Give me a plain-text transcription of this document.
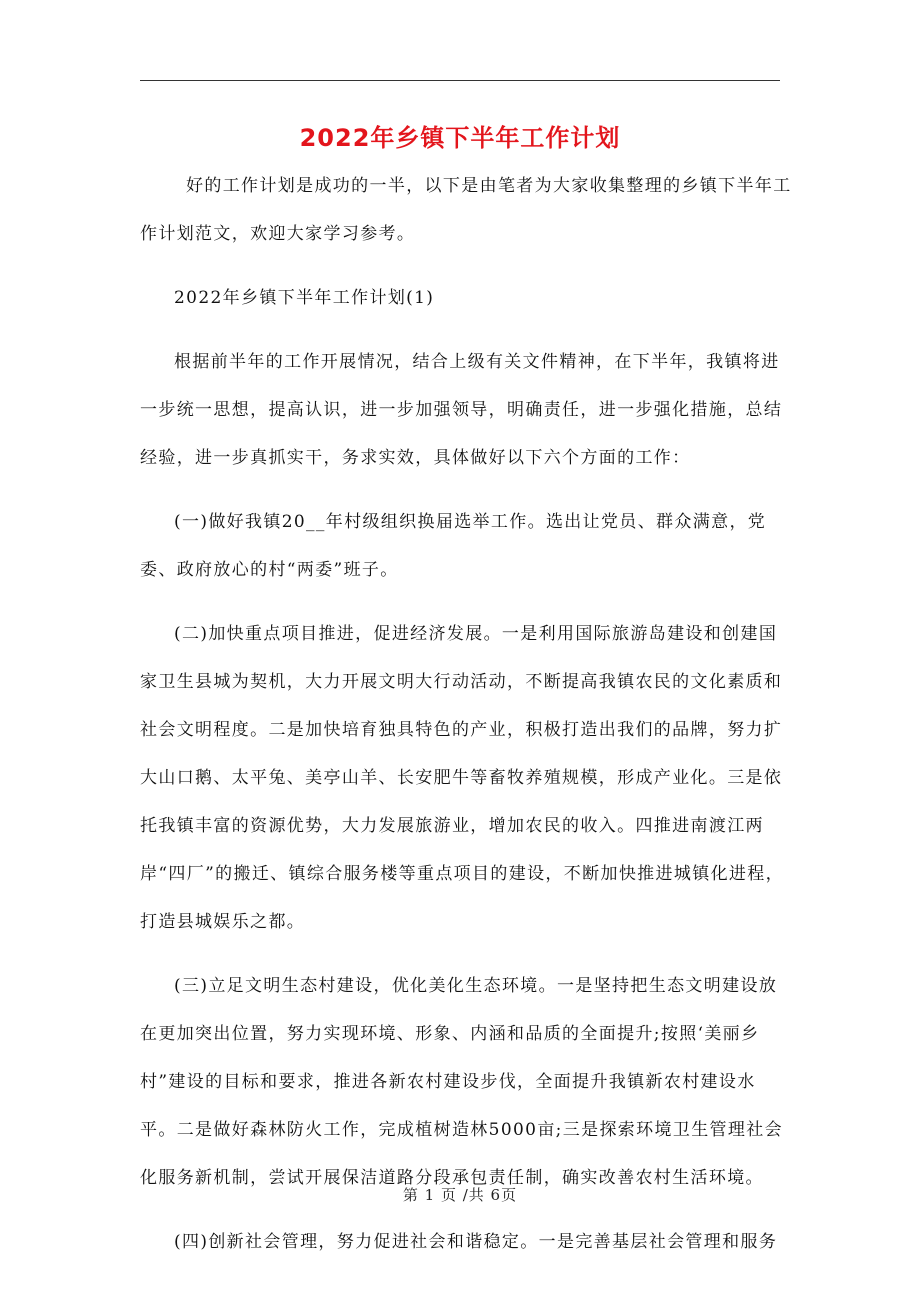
2022年乡镇下半年工作计划

好的工作计划是成功的一半，以下是由笔者为大家收集整理的乡镇下半年工作计划范文，欢迎大家学习参考。

2022年乡镇下半年工作计划(1)

根据前半年的工作开展情况，结合上级有关文件精神，在下半年，我镇将进一步统一思想，提高认识，进一步加强领导，明确责任，进一步强化措施，总结经验，进一步真抓实干，务求实效，具体做好以下六个方面的工作：

(一)做好我镇20__年村级组织换届选举工作。选出让党员、群众满意，党委、政府放心的村“两委”班子。

(二)加快重点项目推进，促进经济发展。一是利用国际旅游岛建设和创建国家卫生县城为契机，大力开展文明大行动活动，不断提高我镇农民的文化素质和社会文明程度。二是加快培育独具特色的产业，积极打造出我们的品牌，努力扩大山口鹅、太平兔、美亭山羊、长安肥牛等畜牧养殖规模，形成产业化。三是依托我镇丰富的资源优势，大力发展旅游业，增加农民的收入。四推进南渡江两岸“四厂”的搬迁、镇综合服务楼等重点项目的建设，不断加快推进城镇化进程，打造县城娱乐之都。

(三)立足文明生态村建设，优化美化生态环境。一是坚持把生态文明建设放在更加突出位置，努力实现环境、形象、内涵和品质的全面提升;按照‘美丽乡村”建设的目标和要求，推进各新农村建设步伐，全面提升我镇新农村建设水平。二是做好森林防火工作，完成植树造林5000亩;三是探索环境卫生管理社会化服务新机制，尝试开展保洁道路分段承包责任制，确实改善农村生活环境。

(四)创新社会管理，努力促进社会和谐稳定。一是完善基层社会管理和服务

第 1 页 /共 6页
